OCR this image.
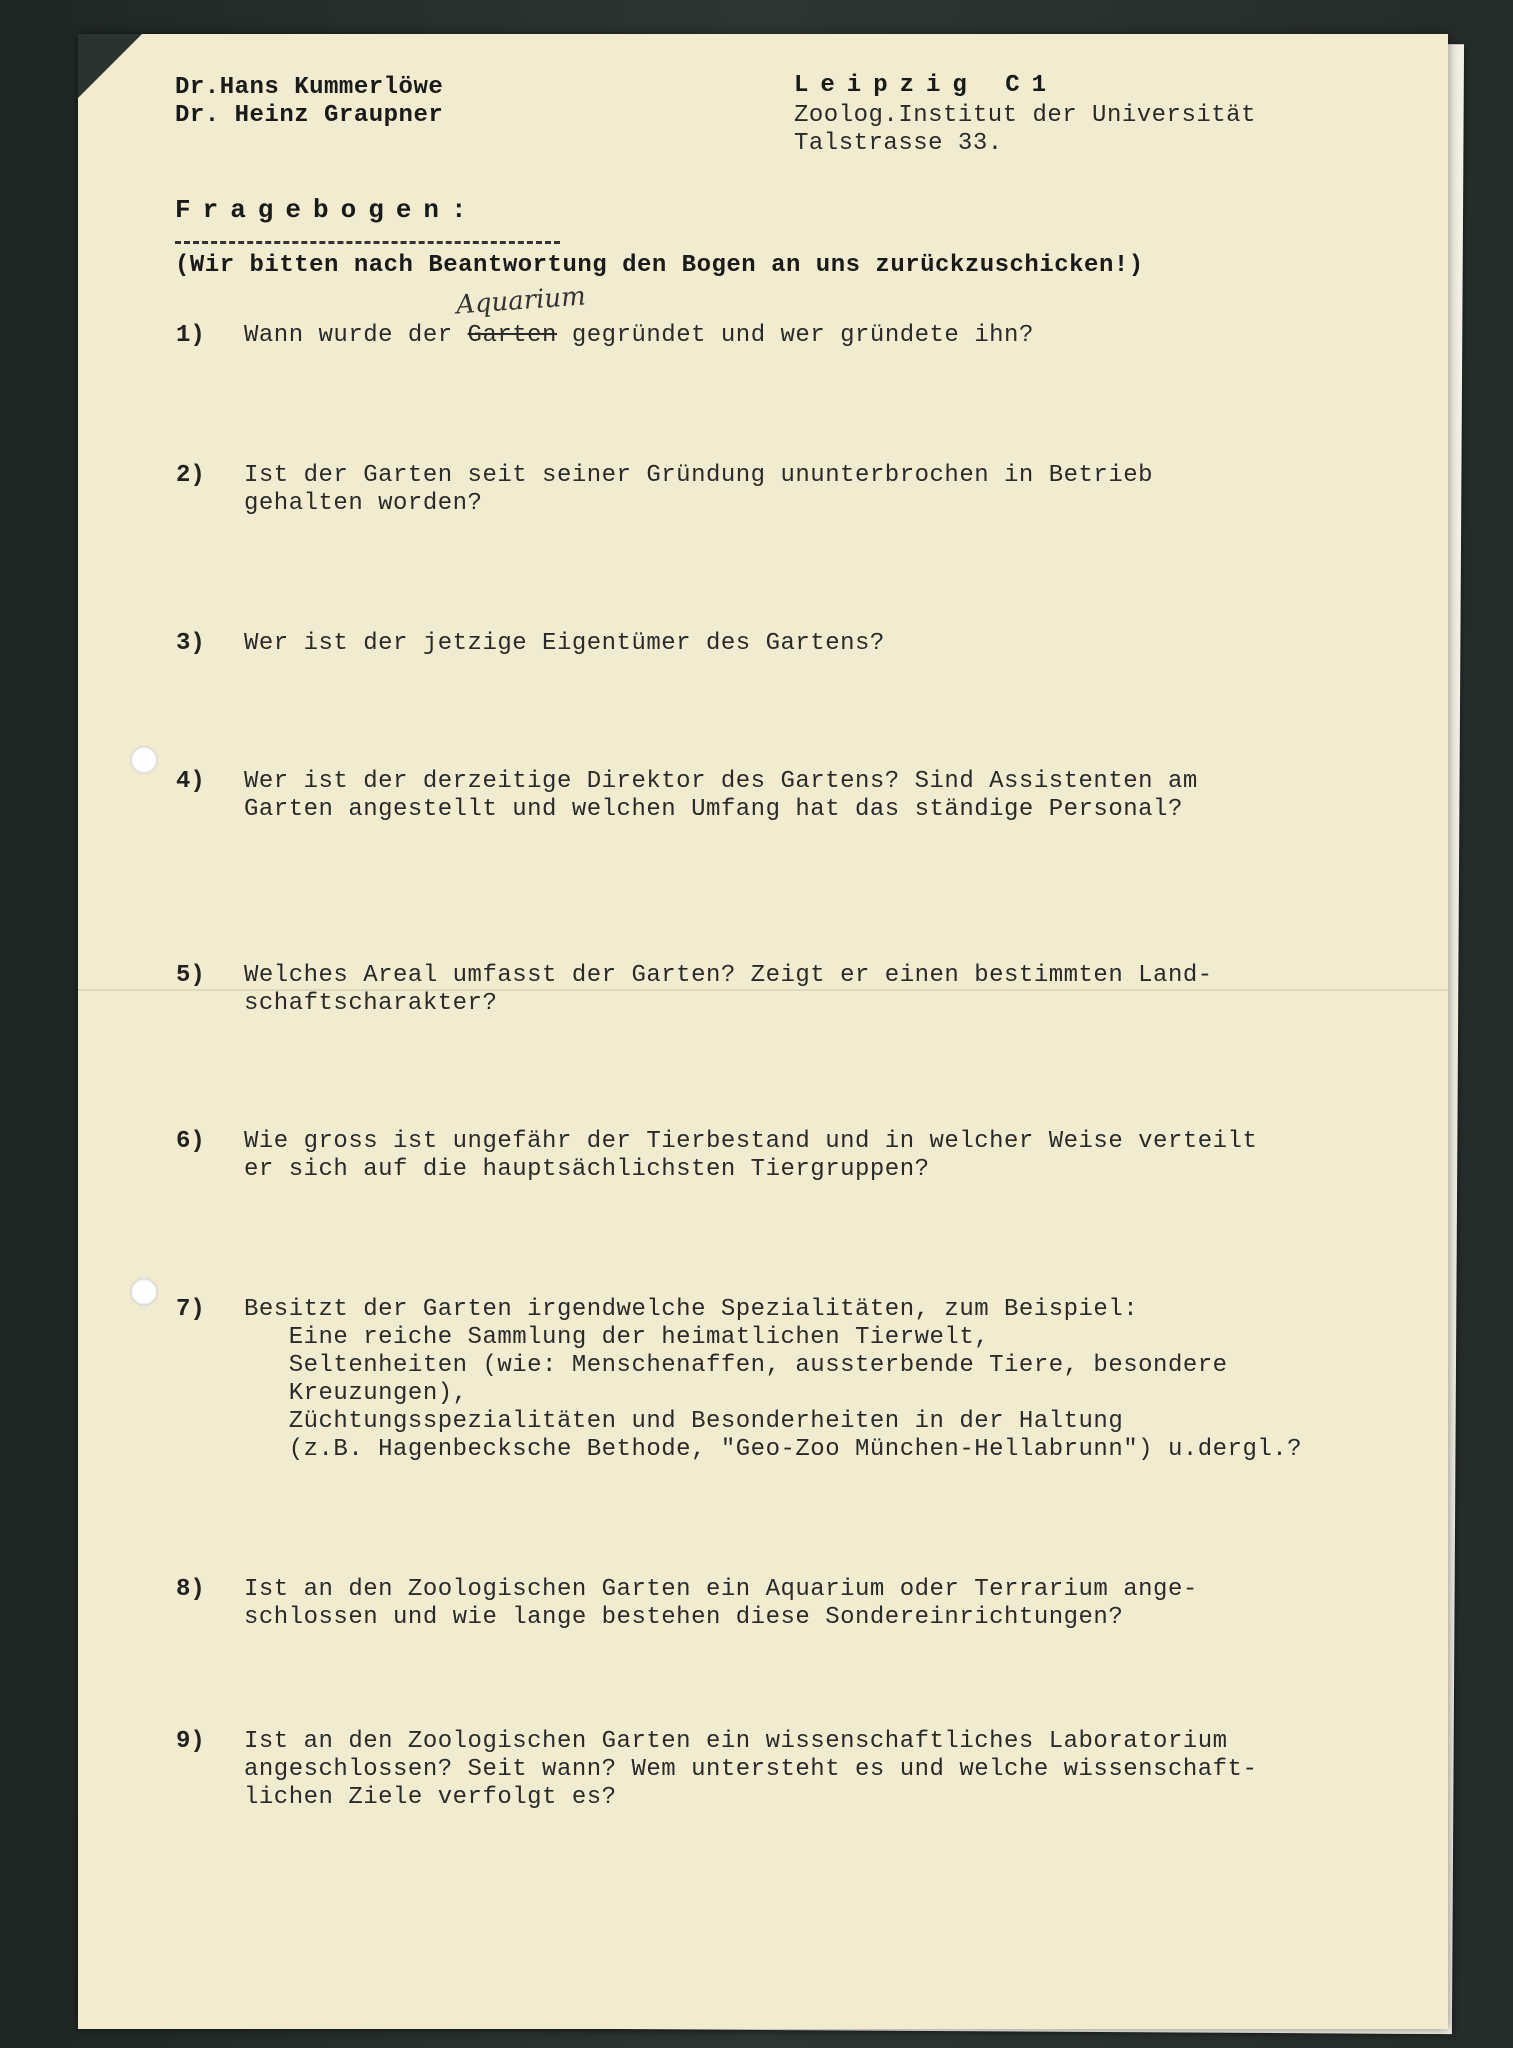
Dr.Hans Kummerlöwe
Dr. Heinz Graupner
Leipzig C1
Zoolog.Institut der Universität
Talstrasse 33.
Fragebogen:
(Wir bitten nach Beantwortung den Bogen an uns zurückzuschicken!)
1) Wann wurde der Garten gegründet und wer gründete ihn?
Aquarium
2) Ist der Garten seit seiner Gründung ununterbrochen in Betrieb
gehalten worden?
3) Wer ist der jetzige Eigentümer des Gartens?
4) Wer ist der derzeitige Direktor des Gartens? Sind Assistenten am
Garten angestellt und welchen Umfang hat das ständige Personal?
5) Welches Areal umfasst der Garten? Zeigt er einen bestimmten Land-
schaftscharakter?
6) Wie gross ist ungefähr der Tierbestand und in welcher Weise verteilt
er sich auf die hauptsächlichsten Tiergruppen?
7) Besitzt der Garten irgendwelche Spezialitäten, zum Beispiel:
Eine reiche Sammlung der heimatlichen Tierwelt,
Seltenheiten (wie: Menschenaffen, aussterbende Tiere, besondere
Kreuzungen),
Züchtungsspezialitäten und Besonderheiten in der Haltung
(z.B. Hagenbecksche Bethode, "Geo-Zoo München-Hellabrunn") u.dergl.?
8) Ist an den Zoologischen Garten ein Aquarium oder Terrarium ange-
schlossen und wie lange bestehen diese Sondereinrichtungen?
9) Ist an den Zoologischen Garten ein wissenschaftliches Laboratorium
angeschlossen? Seit wann? Wem untersteht es und welche wissenschaft-
lichen Ziele verfolgt es?
